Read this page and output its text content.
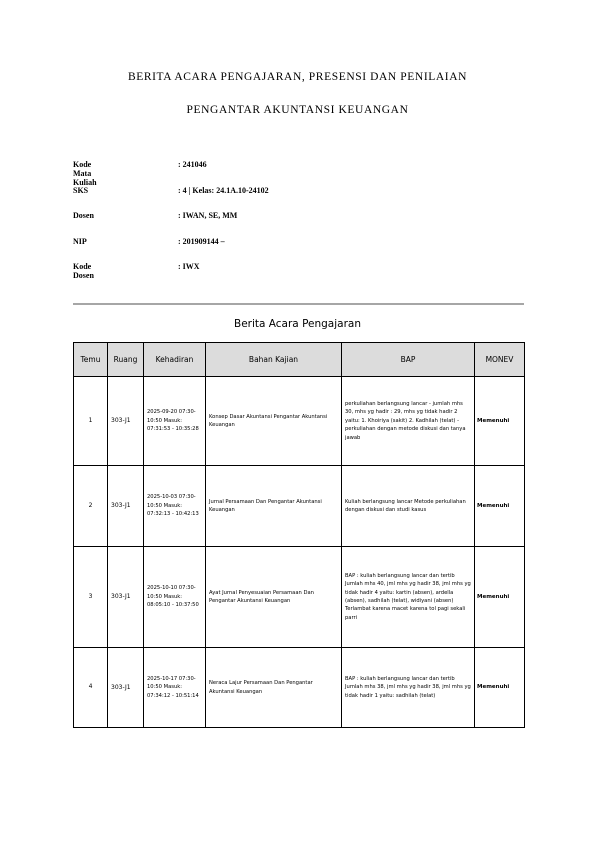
BERITA ACARA PENGAJARAN, PRESENSI DAN PENILAIAN
PENGANTAR AKUNTANSI KEUANGAN
Kode Mata Kuliah
: 241046
SKS	: 4 | Kelas: 24.1A.10-24102
Dosen	: IWAN, SE, MM
NIP	: 201909144 –
Kode Dosen
: IWX
Berita Acara Pengajaran
Temu	Ruang	Kehadiran	Bahan Kajian	BAP	MONEV
1	303-J1	2025-09-20 07:30-10:50 Masuk: 07:31:53 - 10:35:28	Konsep Dasar Akuntansi Pengantar Akuntansi Keuangan	perkuliahan berlangsung lancar - jumlah mhs 30, mhs yg hadir : 29, mhs yg tidak hadir 2 yaitu: 1. Khoiriya (sakit) 2. Kadhilah (telat) - perkuliahan dengan metode diskusi dan tanya jawab	Memenuhi
2	303-J1	2025-10-03 07:30-10:50 Masuk: 07:32:13 - 10:42:13	Jurnal Persamaan Dan Pengantar Akuntansi Keuangan	Kuliah berlangsung lancar Metode perkuliahan dengan diskusi dan studi kasus	Memenuhi
3	303-J1	2025-10-10 07:30-10:50 Masuk: 08:05:10 - 10:37:50	Ayat Jurnal Penyesuaian Persamaan Dan Pengantar Akuntansi Keuangan	BAP : kuliah berlangsung lancar dan tertib Jumlah mhs 40, jml mhs yg hadir 38, jml mhs yg tidak hadir 4 yaitu: kartin (absen), ardella (absen), sadhilah (telat), widiyani (absen) Terlambat karena macet karena tol pagi sekali parri	Memenuhi
4	303-J1	2025-10-17 07:30-10:50 Masuk: 07:34:12 - 10:51:14	Neraca Lajur Persamaan Dan Pengantar Akuntansi Keuangan	BAP : kuliah berlangsung lancar dan tertib Jumlah mhs 38, jml mhs yg hadir 38, jml mhs yg tidak hadir 1 yaitu: sadhilah (telat)	Memenuhi
